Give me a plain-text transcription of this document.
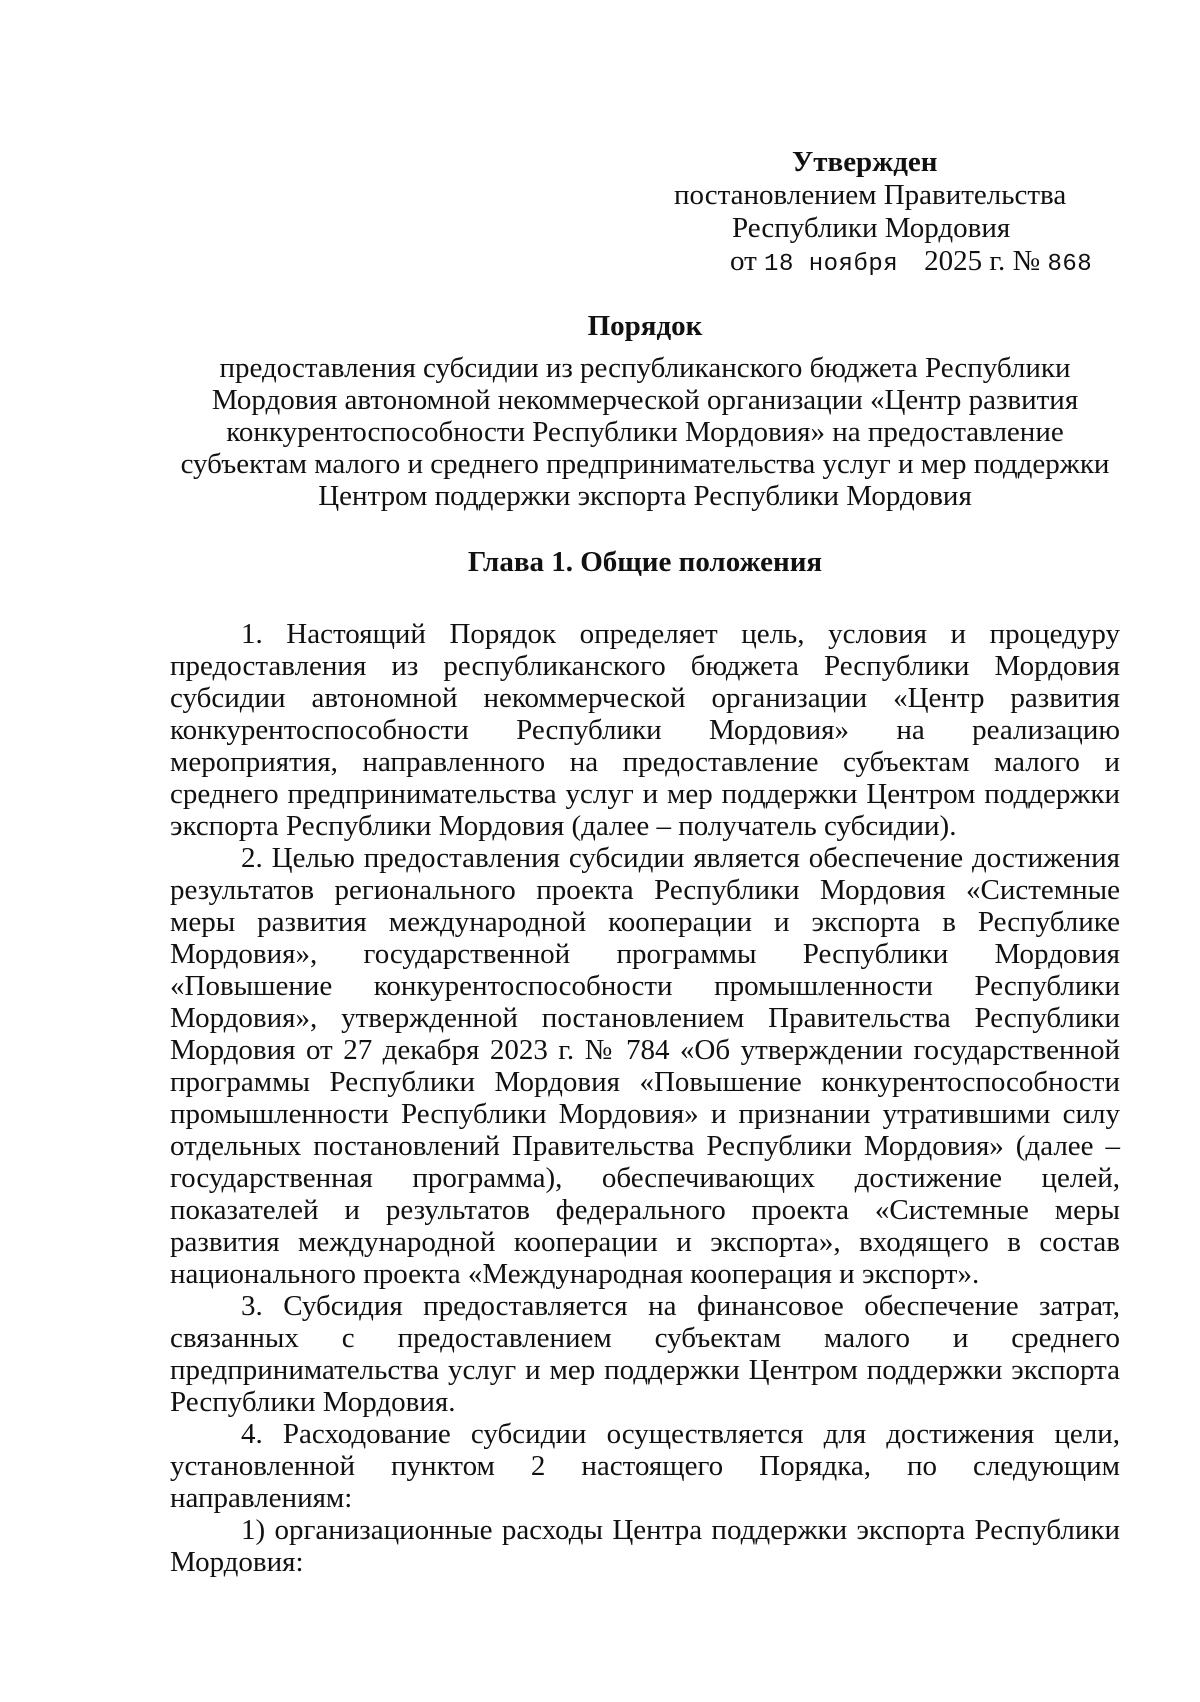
Утвержден
постановлением Правительства
Республики Мордовия
от 18 ноября 2025 г. № 868
Порядок
предоставления субсидии из республиканского бюджета Республики Мордовия автономной некоммерческой организации «Центр развития конкурентоспособности Республики Мордовия» на предоставление субъектам малого и среднего предпринимательства услуг и мер поддержки Центром поддержки экспорта Республики Мордовия
Глава 1. Общие положения

1. Настоящий Порядок определяет цель, условия и процедуру предоставления из республиканского бюджета Республики Мордовия субсидии автономной некоммерческой организации «Центр развития конкурентоспособности Республики Мордовия» на реализацию мероприятия, направленного на предоставление субъектам малого и среднего предпринимательства услуг и мер поддержки Центром поддержки экспорта Республики Мордовия (далее – получатель субсидии).

2. Целью предоставления субсидии является обеспечение достижения результатов регионального проекта Республики Мордовия «Системные меры развития международной кооперации и экспорта в Республике Мордовия», государственной программы Республики Мордовия «Повышение конкурентоспособности промышленности Республики Мордовия», утвержденной постановлением Правительства Республики Мордовия от 27 декабря 2023 г. № 784 «Об утверждении государственной программы Республики Мордовия «Повышение конкурентоспособности промышленности Республики Мордовия» и признании утратившими силу отдельных постановлений Правительства Республики Мордовия» (далее – государственная программа), обеспечивающих достижение целей, показателей и результатов федерального проекта «Системные меры развития международной кооперации и экспорта», входящего в состав национального проекта «Международная кооперация и экспорт».

3. Субсидия предоставляется на финансовое обеспечение затрат, связанных с предоставлением субъектам малого и среднего предпринимательства услуг и мер поддержки Центром поддержки экспорта Республики Мордовия.

4. Расходование субсидии осуществляется для достижения цели, установленной пунктом 2 настоящего Порядка, по следующим направлениям:

1) организационные расходы Центра поддержки экспорта Республики Мордовия:
